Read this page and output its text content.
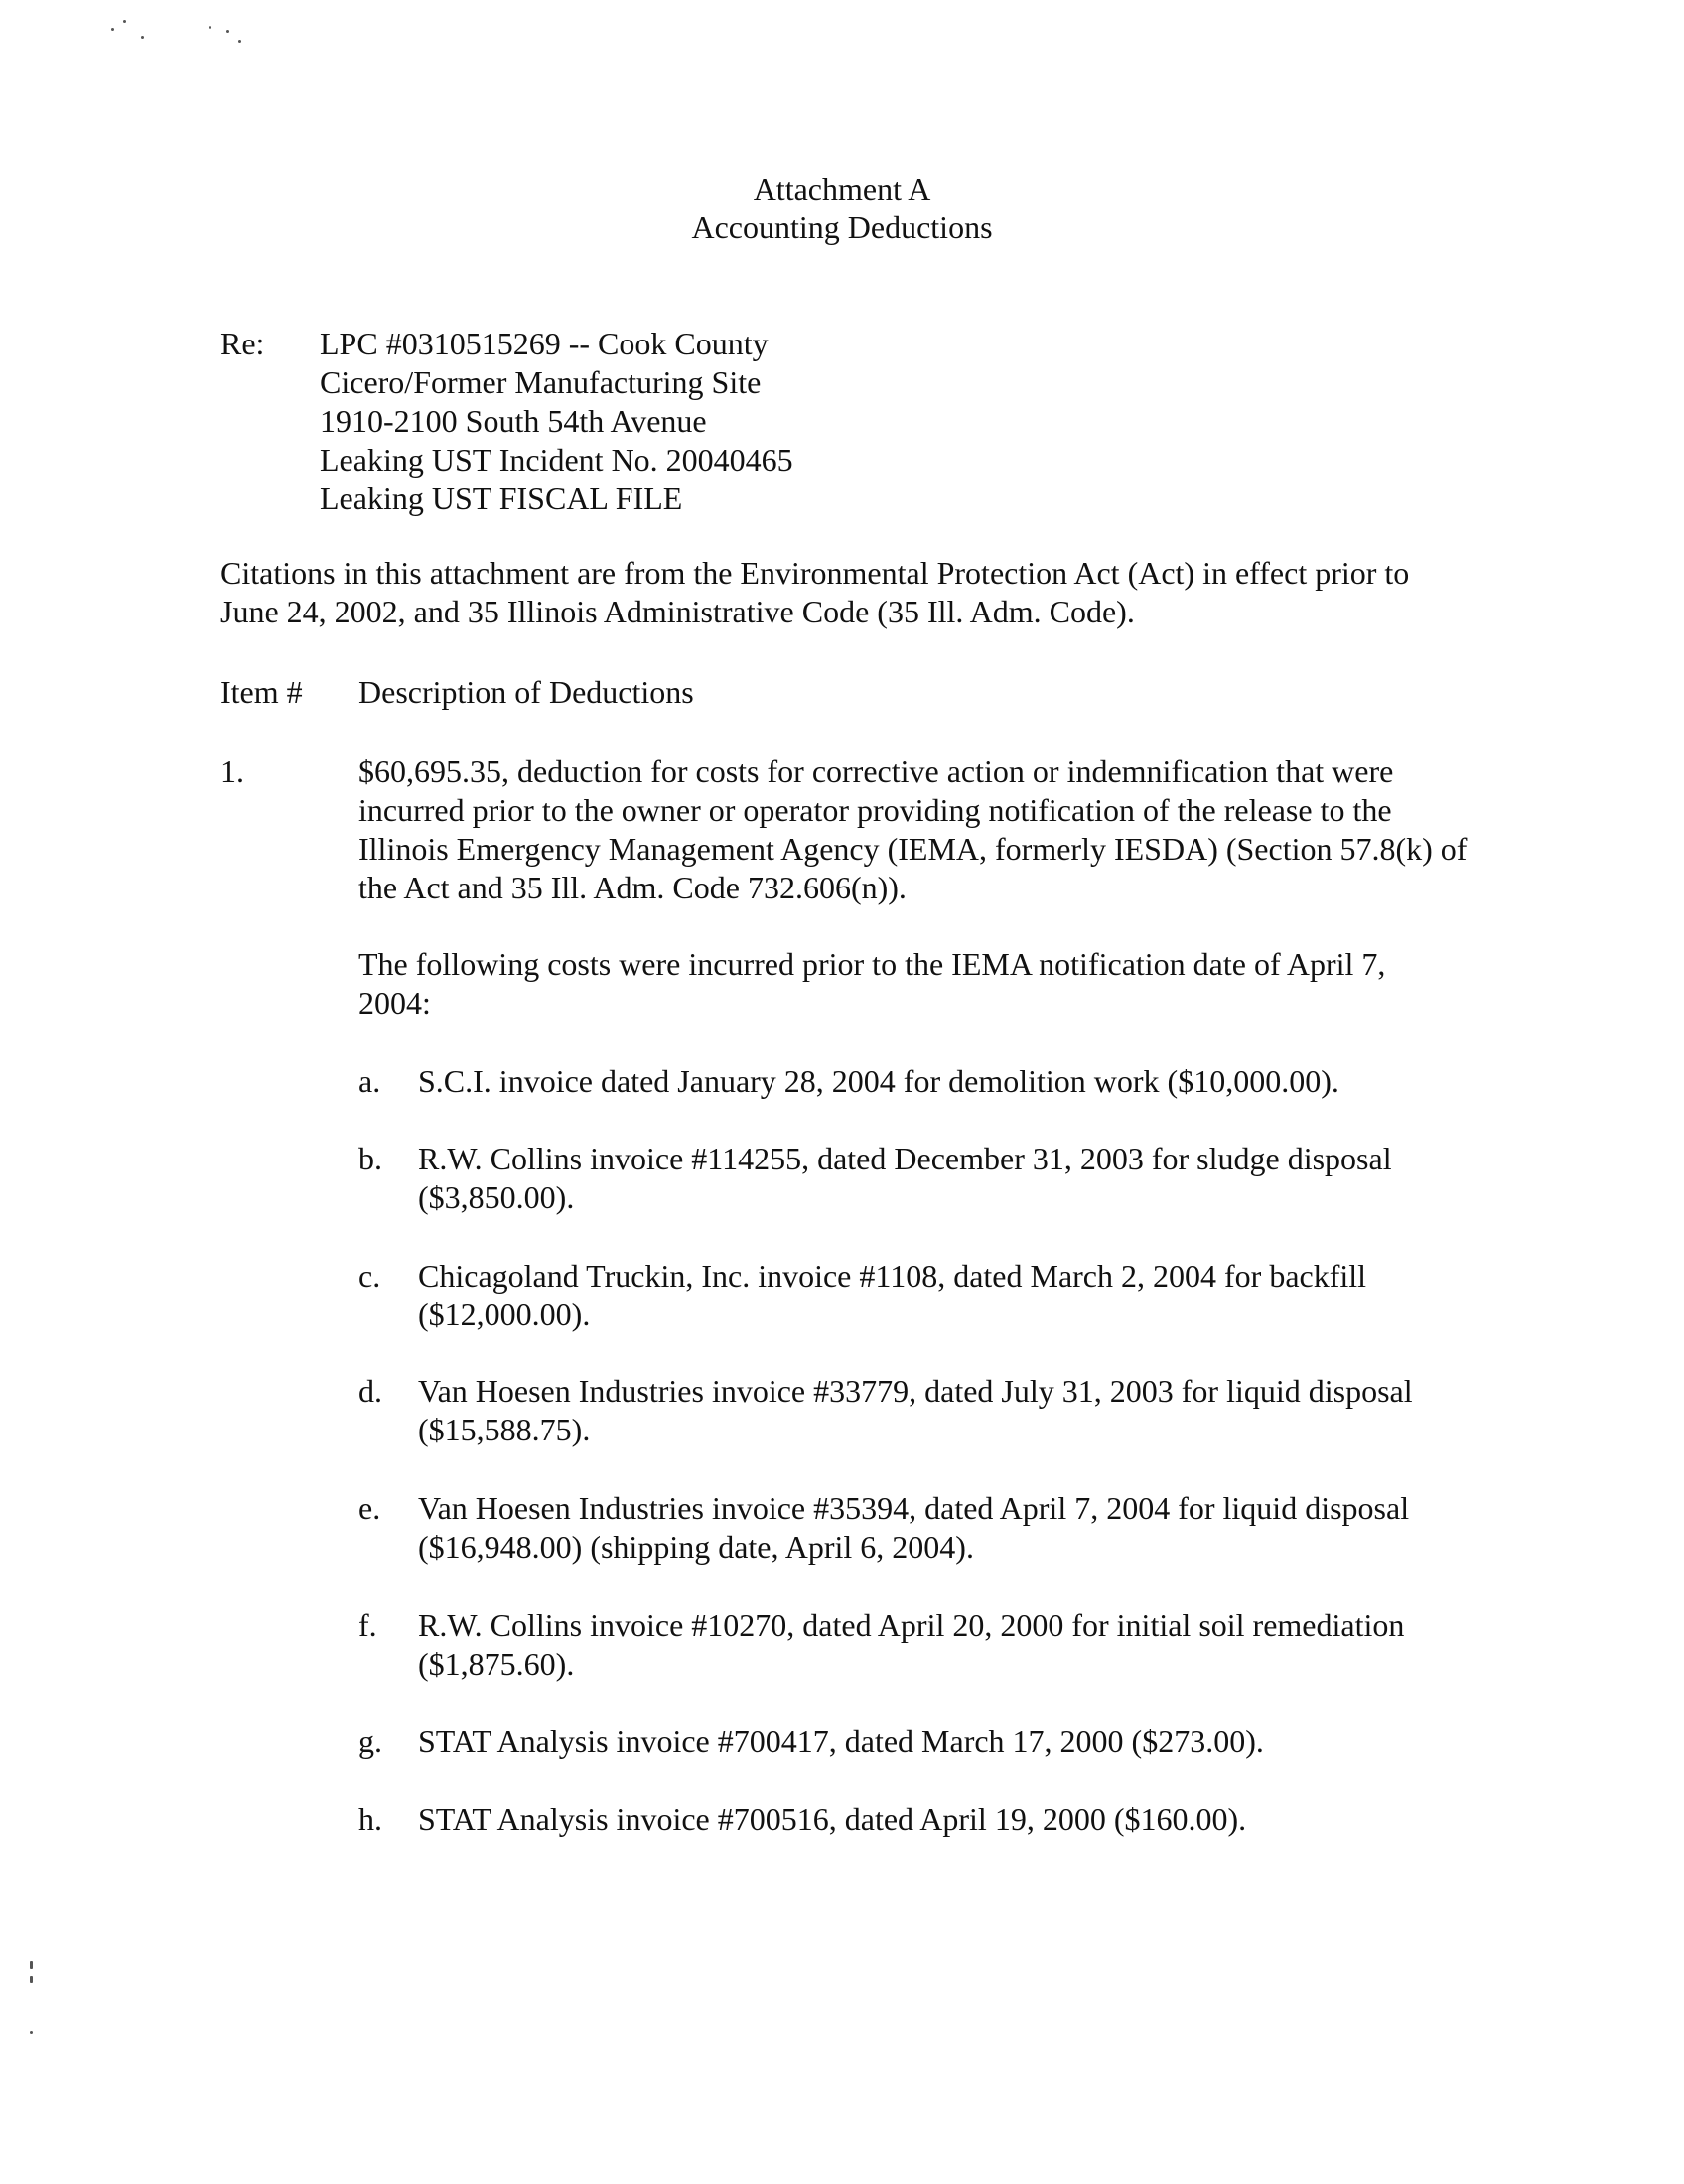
Attachment A
Accounting Deductions
Re: LPC #0310515269 -- Cook County
Cicero/Former Manufacturing Site
1910-2100 South 54th Avenue
Leaking UST Incident No. 20040465
Leaking UST FISCAL FILE
Citations in this attachment are from the Environmental Protection Act (Act) in effect prior to
June 24, 2002, and 35 Illinois Administrative Code (35 Ill. Adm. Code).
Item # Description of Deductions
1.	$60,695.35, deduction for costs for corrective action or indemnification that were
incurred prior to the owner or operator providing notification of the release to the
Illinois Emergency Management Agency (IEMA, formerly IESDA) (Section 57.8(k) of
the Act and 35 Ill. Adm. Code 732.606(n)).
The following costs were incurred prior to the IEMA notification date of April 7,
2004:
a. S.C.I. invoice dated January 28, 2004 for demolition work ($10,000.00).
b. R.W. Collins invoice #114255, dated December 31, 2003 for sludge disposal
($3,850.00).
c. Chicagoland Truckin, Inc. invoice #1108, dated March 2, 2004 for backfill
($12,000.00).
d. Van Hoesen Industries invoice #33779, dated July 31, 2003 for liquid disposal
($15,588.75).
e. Van Hoesen Industries invoice #35394, dated April 7, 2004 for liquid disposal
($16,948.00) (shipping date, April 6, 2004).
f. R.W. Collins invoice #10270, dated April 20, 2000 for initial soil remediation
($1,875.60).
g. STAT Analysis invoice #700417, dated March 17, 2000 ($273.00).
h. STAT Analysis invoice #700516, dated April 19, 2000 ($160.00).
